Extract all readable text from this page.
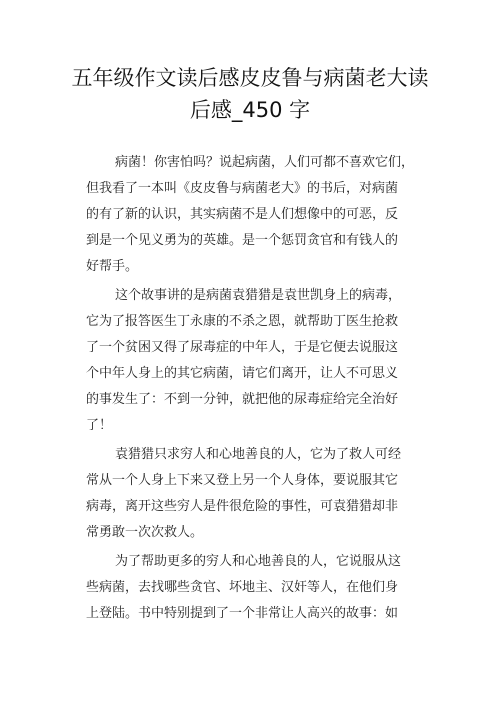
五年级作文读后感皮皮鲁与病菌老大读
后感_450 字
病菌！你害怕吗？说起病菌，人们可都不喜欢它们，
但我看了一本叫《皮皮鲁与病菌老大》的书后，对病菌
的有了新的认识，其实病菌不是人们想像中的可恶，反
到是一个见义勇为的英雄。是一个惩罚贪官和有钱人的
好帮手。
这个故事讲的是病菌袁猎猎是袁世凯身上的病毒，
它为了报答医生丁永康的不杀之恩，就帮助丁医生抢救
了一个贫困又得了尿毒症的中年人，于是它便去说服这
个中年人身上的其它病菌，请它们离开，让人不可思义
的事发生了：不到一分钟，就把他的尿毒症给完全治好
了！
袁猎猎只求穷人和心地善良的人，它为了救人可经
常从一个人身上下来又登上另一个人身体，要说服其它
病毒，离开这些穷人是件很危险的事性，可袁猎猎却非
常勇敢一次次救人。
为了帮助更多的穷人和心地善良的人，它说服从这
些病菌，去找哪些贪官、坏地主、汉奸等人，在他们身
上登陆。书中特别提到了一个非常让人高兴的故事：如
